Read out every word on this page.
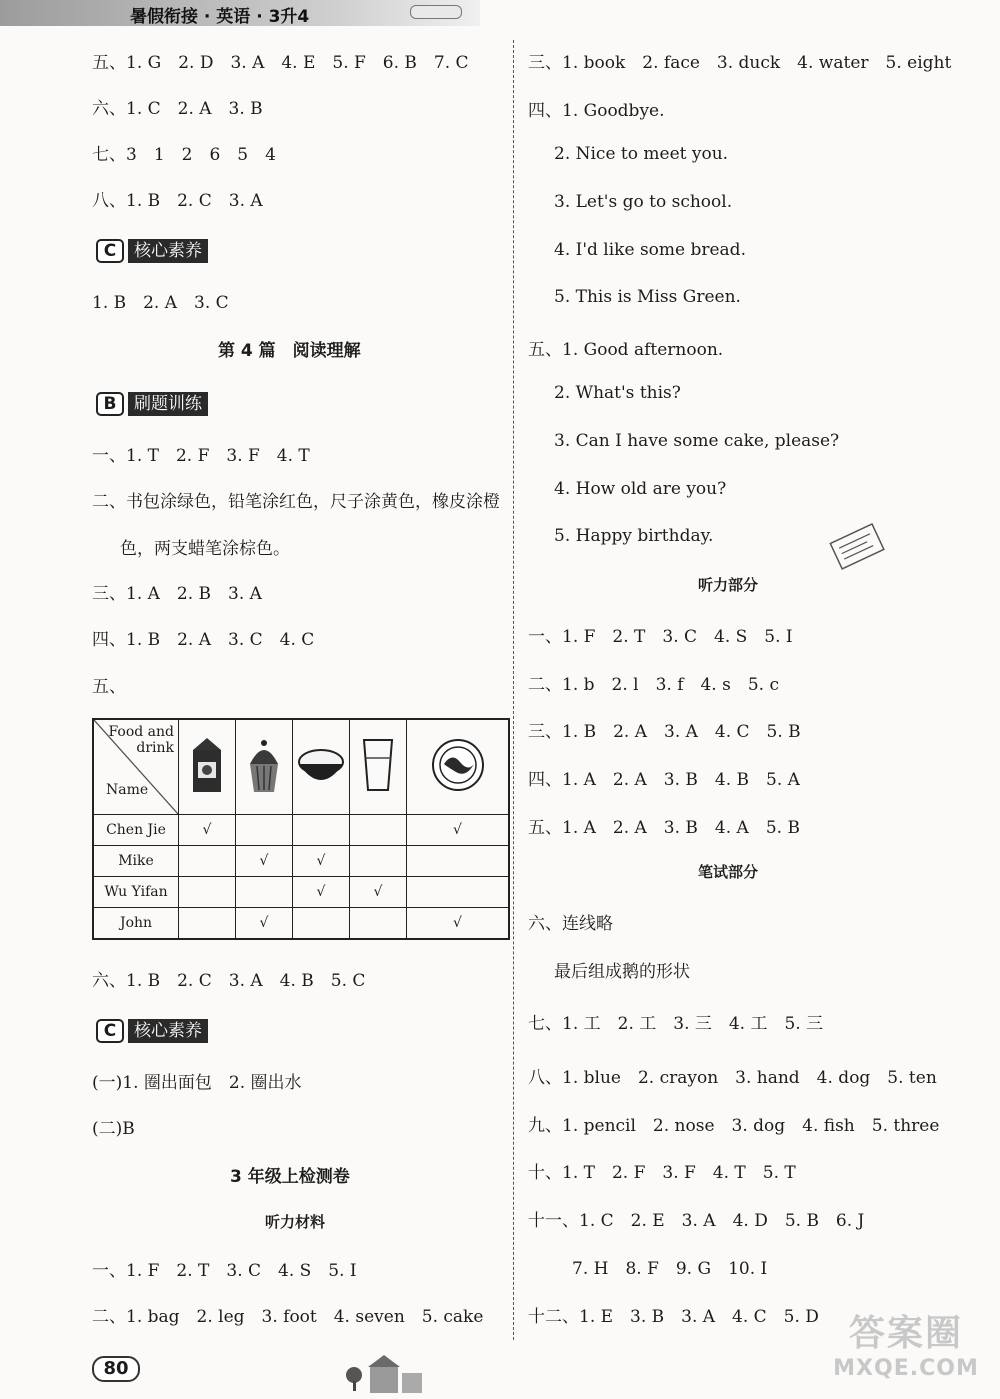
暑假衔接 · 英语 · 3升4
五、1. G　2. D　3. A　4. E　5. F　6. B　7. C
六、1. C　2. A　3. B
七、3　1　2　6　5　4
八、1. B　2. C　3. A
C	核心素养
1. B　2. A　3. C
第 4 篇　阅读理解
B	刷题训练
一、1. T　2. F　3. F　4. T
二、书包涂绿色，铅笔涂红色，尺子涂黄色，橡皮涂橙
色，两支蜡笔涂棕色。
三、1. A　2. B　3. A
四、1. B　2. A　3. C　4. C
五、
Food and
drink
Name

Chen Jie	√				√
Mike		√	√		
Wu Yifan			√	√	
John		√			√
六、1. B　2. C　3. A　4. B　5. C
C	核心素养
(一)1. 圈出面包　2. 圈出水
(二)B
3 年级上检测卷
听力材料
一、1. F　2. T　3. C　4. S　5. I
二、1. bag　2. leg　3. foot　4. seven　5. cake
三、1. book　2. face　3. duck　4. water　5. eight
四、1. Goodbye.
2. Nice to meet you.
3. Let's go to school.
4. I'd like some bread.
5. This is Miss Green.
五、1. Good afternoon.
2. What's this?
3. Can I have some cake, please?
4. How old are you?
5. Happy birthday.
听力部分
一、1. F　2. T　3. C　4. S　5. I
二、1. b　2. l　3. f　4. s　5. c
三、1. B　2. A　3. A　4. C　5. B
四、1. A　2. A　3. B　4. B　5. A
五、1. A　2. A　3. B　4. A　5. B
笔试部分
六、连线略
最后组成鹅的形状
七、1. 工　2. 工　3. 三　4. 工　5. 三
八、1. blue　2. crayon　3. hand　4. dog　5. ten
九、1. pencil　2. nose　3. dog　4. fish　5. three
十、1. T　2. F　3. F　4. T　5. T
十一、1. C　2. E　3. A　4. D　5. B　6. J
7. H　8. F　9. G　10. I
十二、1. E　3. B　3. A　4. C　5. D
80
答案圈
MXQE.COM
